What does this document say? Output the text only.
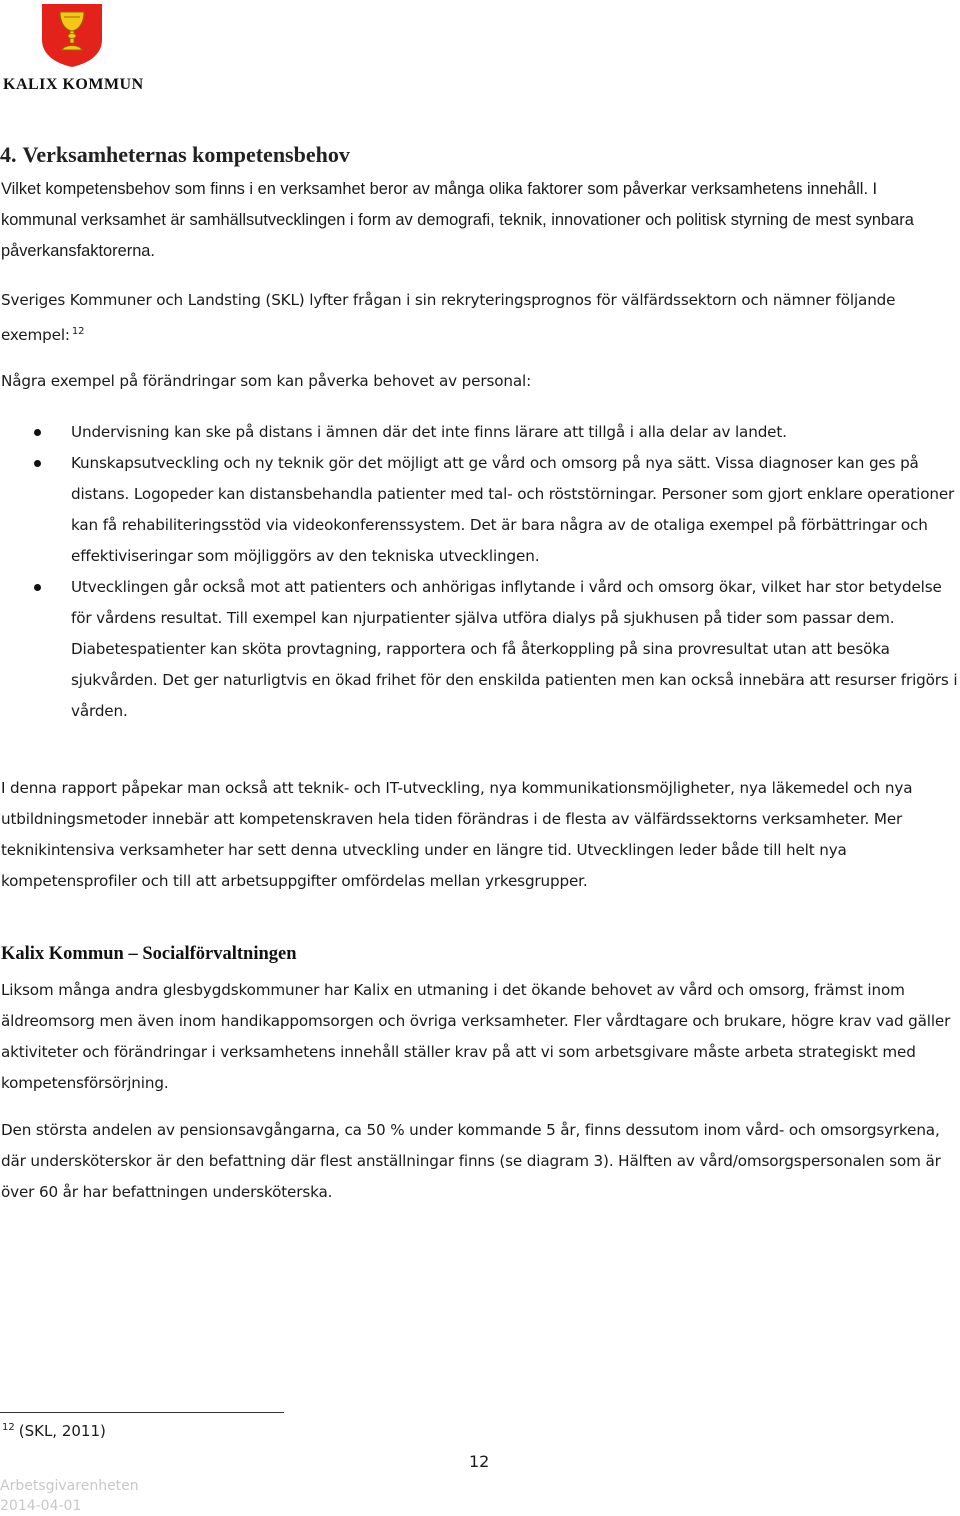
KALIX KOMMUN
4. Verksamheternas kompetensbehov
Vilket kompetensbehov som finns i en verksamhet beror av många olika faktorer som påverkar verksamhetens innehåll. I kommunal verksamhet är samhällsutvecklingen i form av demografi, teknik, innovationer och politisk styrning de mest synbara påverkansfaktorerna.
Sveriges Kommuner och Landsting (SKL) lyfter frågan i sin rekryteringsprognos för välfärdssektorn och nämner följande exempel: $^{12}$
Några exempel på förändringar som kan påverka behovet av personal:
Undervisning kan ske på distans i ämnen där det inte finns lärare att tillgå i alla delar av landet.
Kunskapsutveckling och ny teknik gör det möjligt att ge vård och omsorg på nya sätt. Vissa diagnoser kan ges på distans. Logopeder kan distansbehandla patienter med tal- och röststörningar. Personer som gjort enklare operationer kan få rehabiliteringsstöd via videokonferenssystem. Det är bara några av de otaliga exempel på förbättringar och effektiviseringar som möjliggörs av den tekniska utvecklingen.
Utvecklingen går också mot att patienters och anhörigas inflytande i vård och omsorg ökar, vilket har stor betydelse för vårdens resultat. Till exempel kan njurpatienter själva utföra dialys på sjukhusen på tider som passar dem. Diabetespatienter kan sköta provtagning, rapportera och få återkoppling på sina provresultat utan att besöka sjukvården. Det ger naturligtvis en ökad frihet för den enskilda patienten men kan också innebära att resurser frigörs i vården.
I denna rapport påpekar man också att teknik- och IT-utveckling, nya kommunikationsmöjligheter, nya läkemedel och nya utbildningsmetoder innebär att kompetenskraven hela tiden förändras i de flesta av välfärdssektorns verksamheter. Mer teknikintensiva verksamheter har sett denna utveckling under en längre tid. Utvecklingen leder både till helt nya kompetensprofiler och till att arbetsuppgifter omfördelas mellan yrkesgrupper.
Kalix Kommun – Socialförvaltningen
Liksom många andra glesbygdskommuner har Kalix en utmaning i det ökande behovet av vård och omsorg, främst inom äldreomsorg men även inom handikappomsorgen och övriga verksamheter. Fler vårdtagare och brukare, högre krav vad gäller aktiviteter och förändringar i verksamhetens innehåll ställer krav på att vi som arbetsgivare måste arbeta strategiskt med kompetensförsörjning.
Den största andelen av pensionsavgångarna, ca 50 % under kommande 5 år, finns dessutom inom vård- och omsorgsyrkena, där undersköterskor är den befattning där flest anställningar finns (se diagram 3). Hälften av vård/omsorgspersonalen som är över 60 år har befattningen undersköterska.
$^{12}$ (SKL, 2011)
12
Arbetsgivarenheten
2014-04-01
